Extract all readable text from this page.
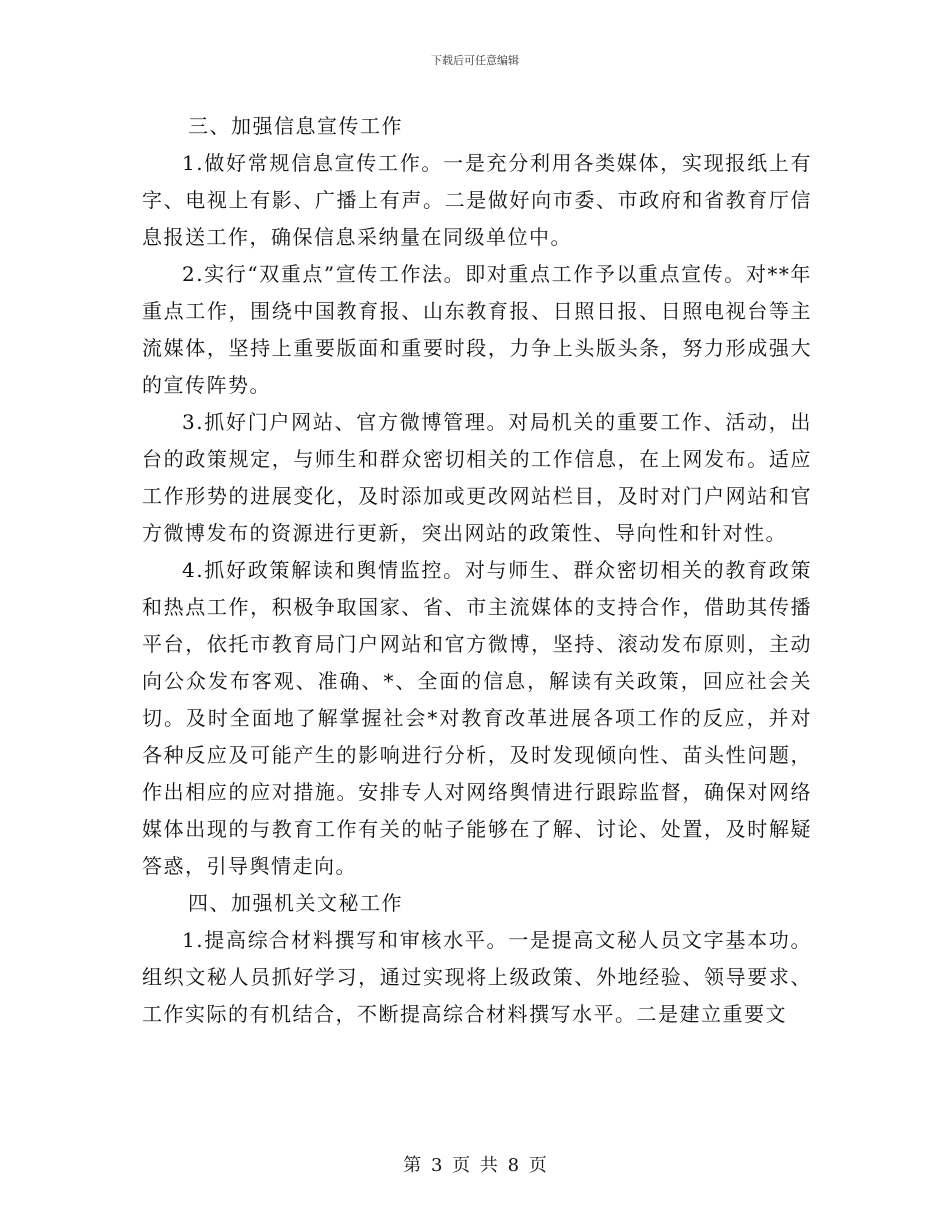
下载后可任意编辑

三、加强信息宣传工作

1.做好常规信息宣传工作。一是充分利用各类媒体，实现报纸上有字、电视上有影、广播上有声。二是做好向市委、市政府和省教育厅信息报送工作，确保信息采纳量在同级单位中。

2.实行“双重点”宣传工作法。即对重点工作予以重点宣传。对**年重点工作，围绕中国教育报、山东教育报、日照日报、日照电视台等主流媒体，坚持上重要版面和重要时段，力争上头版头条，努力形成强大的宣传阵势。

3.抓好门户网站、官方微博管理。对局机关的重要工作、活动，出台的政策规定，与师生和群众密切相关的工作信息，在上网发布。适应工作形势的进展变化，及时添加或更改网站栏目，及时对门户网站和官方微博发布的资源进行更新，突出网站的政策性、导向性和针对性。

4.抓好政策解读和舆情监控。对与师生、群众密切相关的教育政策和热点工作，积极争取国家、省、市主流媒体的支持合作，借助其传播平台，依托市教育局门户网站和官方微博，坚持、滚动发布原则，主动向公众发布客观、准确、*、全面的信息，解读有关政策，回应社会关切。及时全面地了解掌握社会*对教育改革进展各项工作的反应，并对各种反应及可能产生的影响进行分析，及时发现倾向性、苗头性问题，作出相应的应对措施。安排专人对网络舆情进行跟踪监督，确保对网络媒体出现的与教育工作有关的帖子能够在了解、讨论、处置，及时解疑答惑，引导舆情走向。

四、加强机关文秘工作

1.提高综合材料撰写和审核水平。一是提高文秘人员文字基本功。组织文秘人员抓好学习，通过实现将上级政策、外地经验、领导要求、工作实际的有机结合，不断提高综合材料撰写水平。二是建立重要文

第 3 页 共 8 页
